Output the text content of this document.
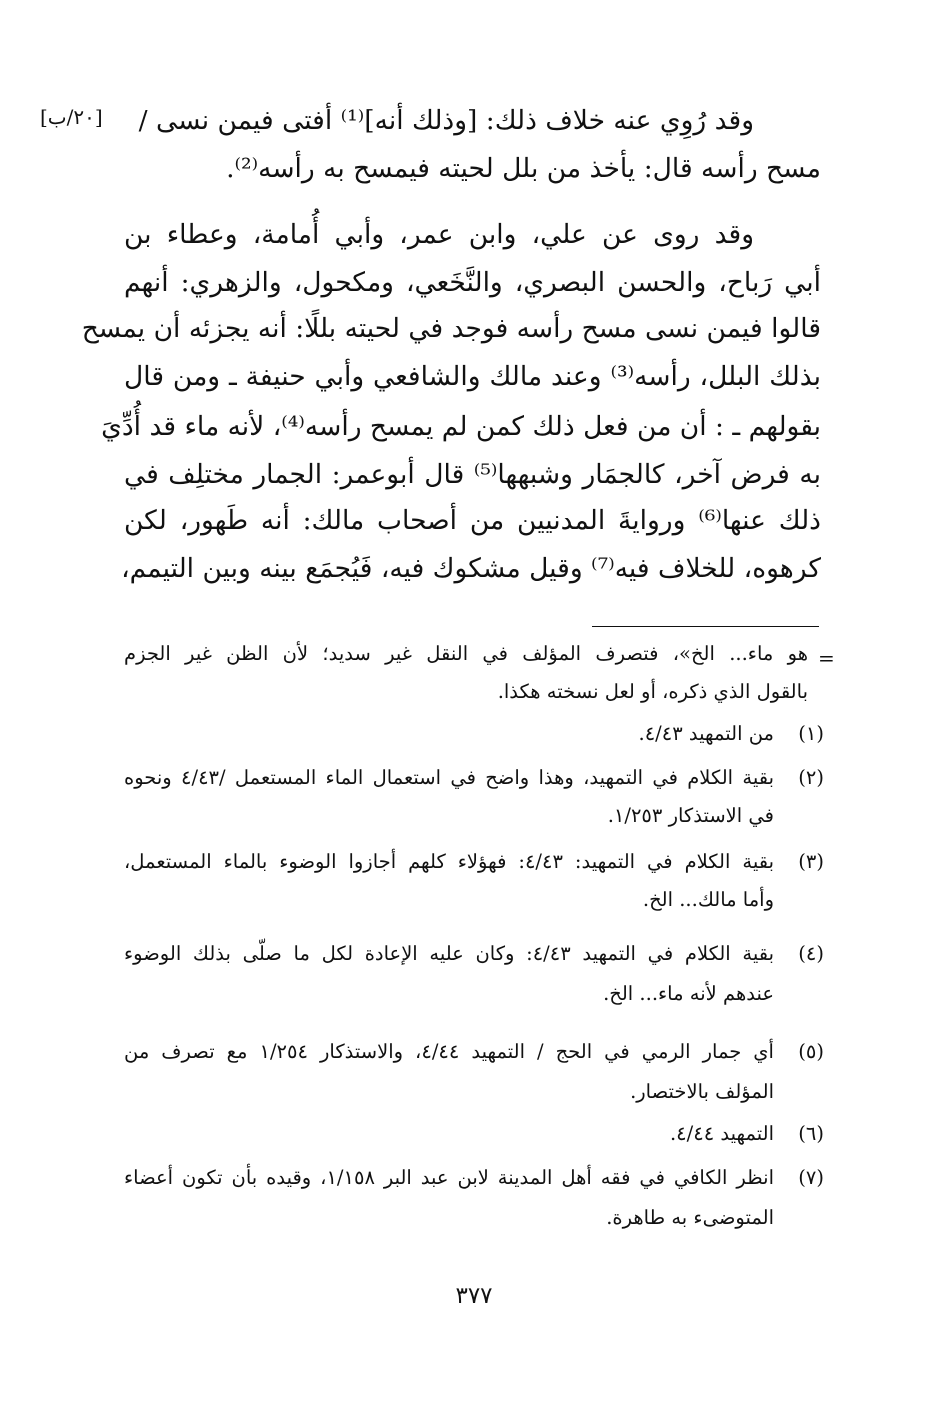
[٢٠/ب] وقد رُوِي عنه خلاف ذلك: [وذلك أنه]⁽¹⁾ أفتى فيمن نسى /
مسح رأسه قال: يأخذ من بلل لحيته فيمسح به رأسه⁽²⁾.
وقد روى عن علي، وابن عمر، وأبي أُمامة، وعطاء بن
أبي رَباح، والحسن البصري، والنَّخَعي، ومكحول، والزهري: أنهم
قالوا فيمن نسى مسح رأسه فوجد في لحيته بللًا: أنه يجزئه أن يمسح
بذلك البلل، رأسه⁽³⁾ وعند مالك والشافعي وأبي حنيفة ـ ومن قال
بقولهم ـ : أن من فعل ذلك كمن لم يمسح رأسه⁽⁴⁾، لأنه ماء قد أُدِّيَ
به فرض آخر، كالجمَار وشبهها⁽⁵⁾ قال أبوعمر: الجمار مختلِف في
ذلك عنها⁽⁶⁾ وروايةَ المدنيين من أصحاب مالك: أنه طَهور، لكن
كرهوه، للخلاف فيه⁽⁷⁾ وقيل مشكوك فيه، فَيُجمَع بينه وبين التيمم،
=
هو ماء... الخ»، فتصرف المؤلف في النقل غير سديد؛ لأن الظن غير الجزم
بالقول الذي ذكره، أو لعل نسخته هكذا.
(١)
من التمهيد ٤/٤٣.
(٢)
بقية الكلام في التمهيد، وهذا واضح في استعمال الماء المستعمل /٤/٤٣ ونحوه
في الاستذكار ١/٢٥٣.
(٣)
بقية الكلام في التمهيد: ٤/٤٣: فهؤلاء كلهم أجازوا الوضوء بالماء المستعمل،
وأما مالك... الخ.
(٤)
بقية الكلام في التمهيد ٤/٤٣: وكان عليه الإعادة لكل ما صلّى بذلك الوضوء
عندهم لأنه ماء... الخ.
(٥)
أي جمار الرمي في الحج / التمهيد ٤/٤٤، والاستذكار ١/٢٥٤ مع تصرف من
المؤلف بالاختصار.
(٦)
التمهيد ٤/٤٤.
(٧)
انظر الكافي في فقه أهل المدينة لابن عبد البر ١/١٥٨، وقيده بأن تكون أعضاء
المتوضىء به طاهرة.
٣٧٧
